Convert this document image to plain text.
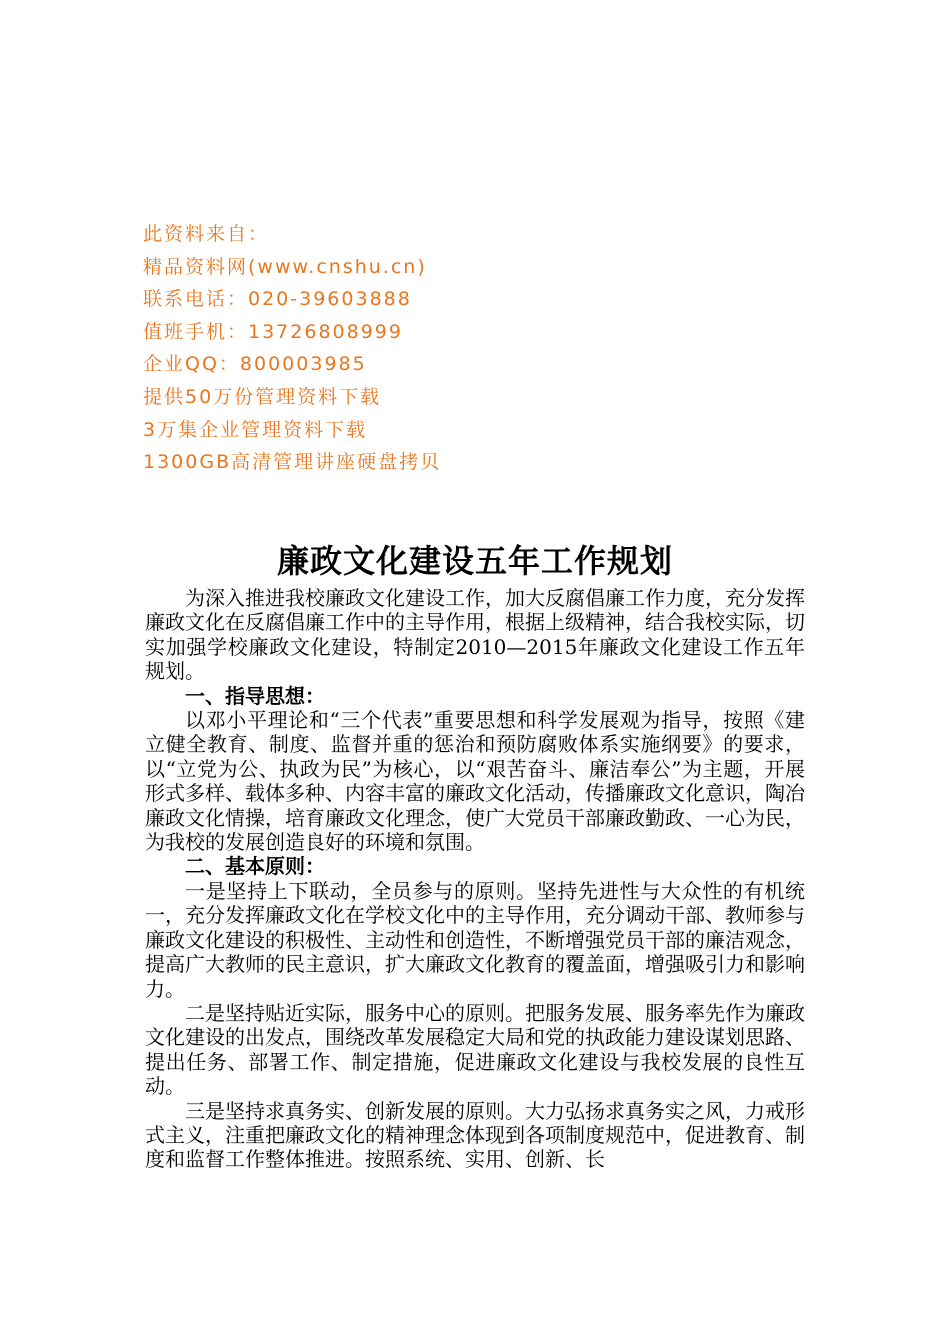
此资料来自：
精品资料网(www.cnshu.cn)
联系电话：020-39603888
值班手机：13726808999
企业QQ：800003985
提供50万份管理资料下载
3万集企业管理资料下载
1300GB高清管理讲座硬盘拷贝
廉政文化建设五年工作规划

为深入推进我校廉政文化建设工作，加大反腐倡廉工作力度，充分发挥廉政文化在反腐倡廉工作中的主导作用，根据上级精神，结合我校实际，切实加强学校廉政文化建设，特制定2010—2015年廉政文化建设工作五年规划。

一、指导思想：

以邓小平理论和“三个代表”重要思想和科学发展观为指导，按照《建立健全教育、制度、监督并重的惩治和预防腐败体系实施纲要》的要求，以“立党为公、执政为民”为核心，以“艰苦奋斗、廉洁奉公”为主题，开展形式多样、载体多种、内容丰富的廉政文化活动，传播廉政文化意识，陶冶廉政文化情操，培育廉政文化理念，使广大党员干部廉政勤政、一心为民，为我校的发展创造良好的环境和氛围。

二、基本原则：

一是坚持上下联动，全员参与的原则。坚持先进性与大众性的有机统一，充分发挥廉政文化在学校文化中的主导作用，充分调动干部、教师参与廉政文化建设的积极性、主动性和创造性，不断增强党员干部的廉洁观念，提高广大教师的民主意识，扩大廉政文化教育的覆盖面，增强吸引力和影响力。

二是坚持贴近实际，服务中心的原则。把服务发展、服务率先作为廉政文化建设的出发点，围绕改革发展稳定大局和党的执政能力建设谋划思路、提出任务、部署工作、制定措施，促进廉政文化建设与我校发展的良性互动。

三是坚持求真务实、创新发展的原则。大力弘扬求真务实之风，力戒形式主义，注重把廉政文化的精神理念体现到各项制度规范中，促进教育、制度和监督工作整体推进。按照系统、实用、创新、长
